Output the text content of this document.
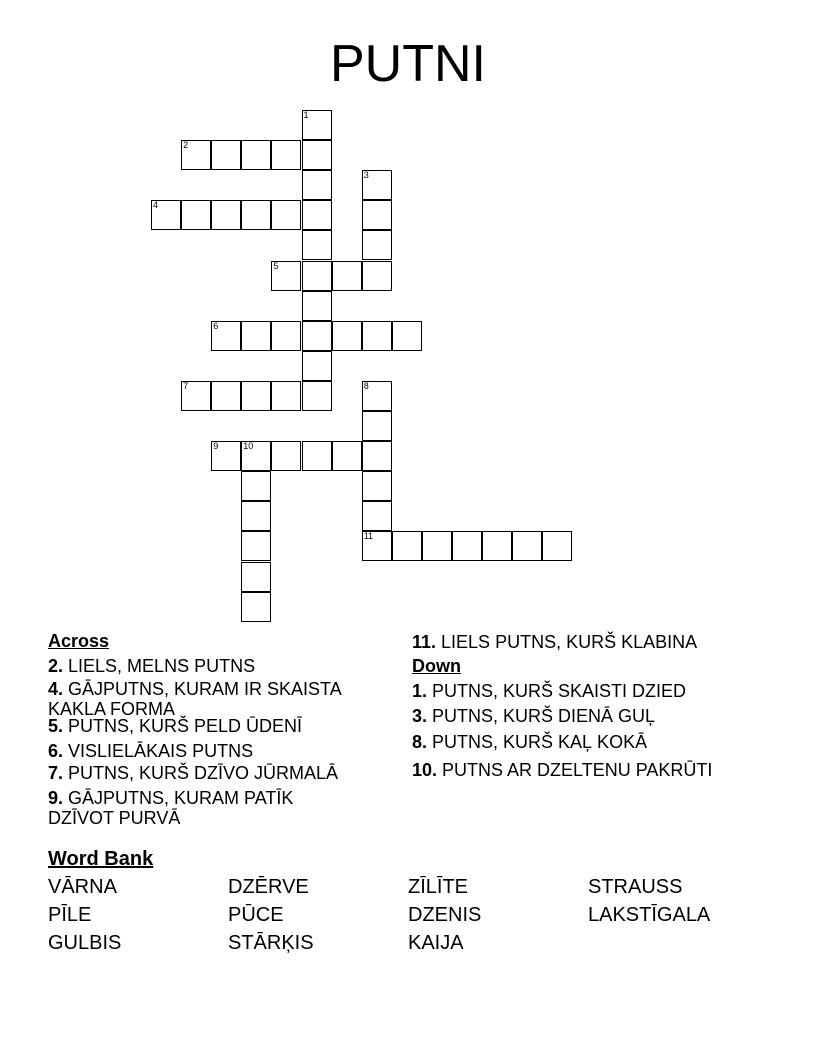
PUTNI
1
2
3
4
5
6
7	8
9	10
11
Across
2. LIELS, MELNS PUTNS
4. GĀJPUTNS, KURAM IR SKAISTA KAKLA FORMA
5. PUTNS, KURŠ PELD ŪDENĪ
6. VISLIELĀKAIS PUTNS
7. PUTNS, KURŠ DZĪVO JŪRMALĀ
9. GĀJPUTNS, KURAM PATĪK DZĪVOT PURVĀ
11. LIELS PUTNS, KURŠ KLABINA
Down
1. PUTNS, KURŠ SKAISTI DZIED
3. PUTNS, KURŠ DIENĀ GUĻ
8. PUTNS, KURŠ KAĻ KOKĀ
10. PUTNS AR DZELTENU PAKRŪTI
Word Bank
VĀRNA	DZĒRVE	ZĪLĪTE	STRAUSS
PĪLE	PŪCE	DZENIS	LAKSTĪGALA
GULBIS	STĀRĶIS	KAIJA
